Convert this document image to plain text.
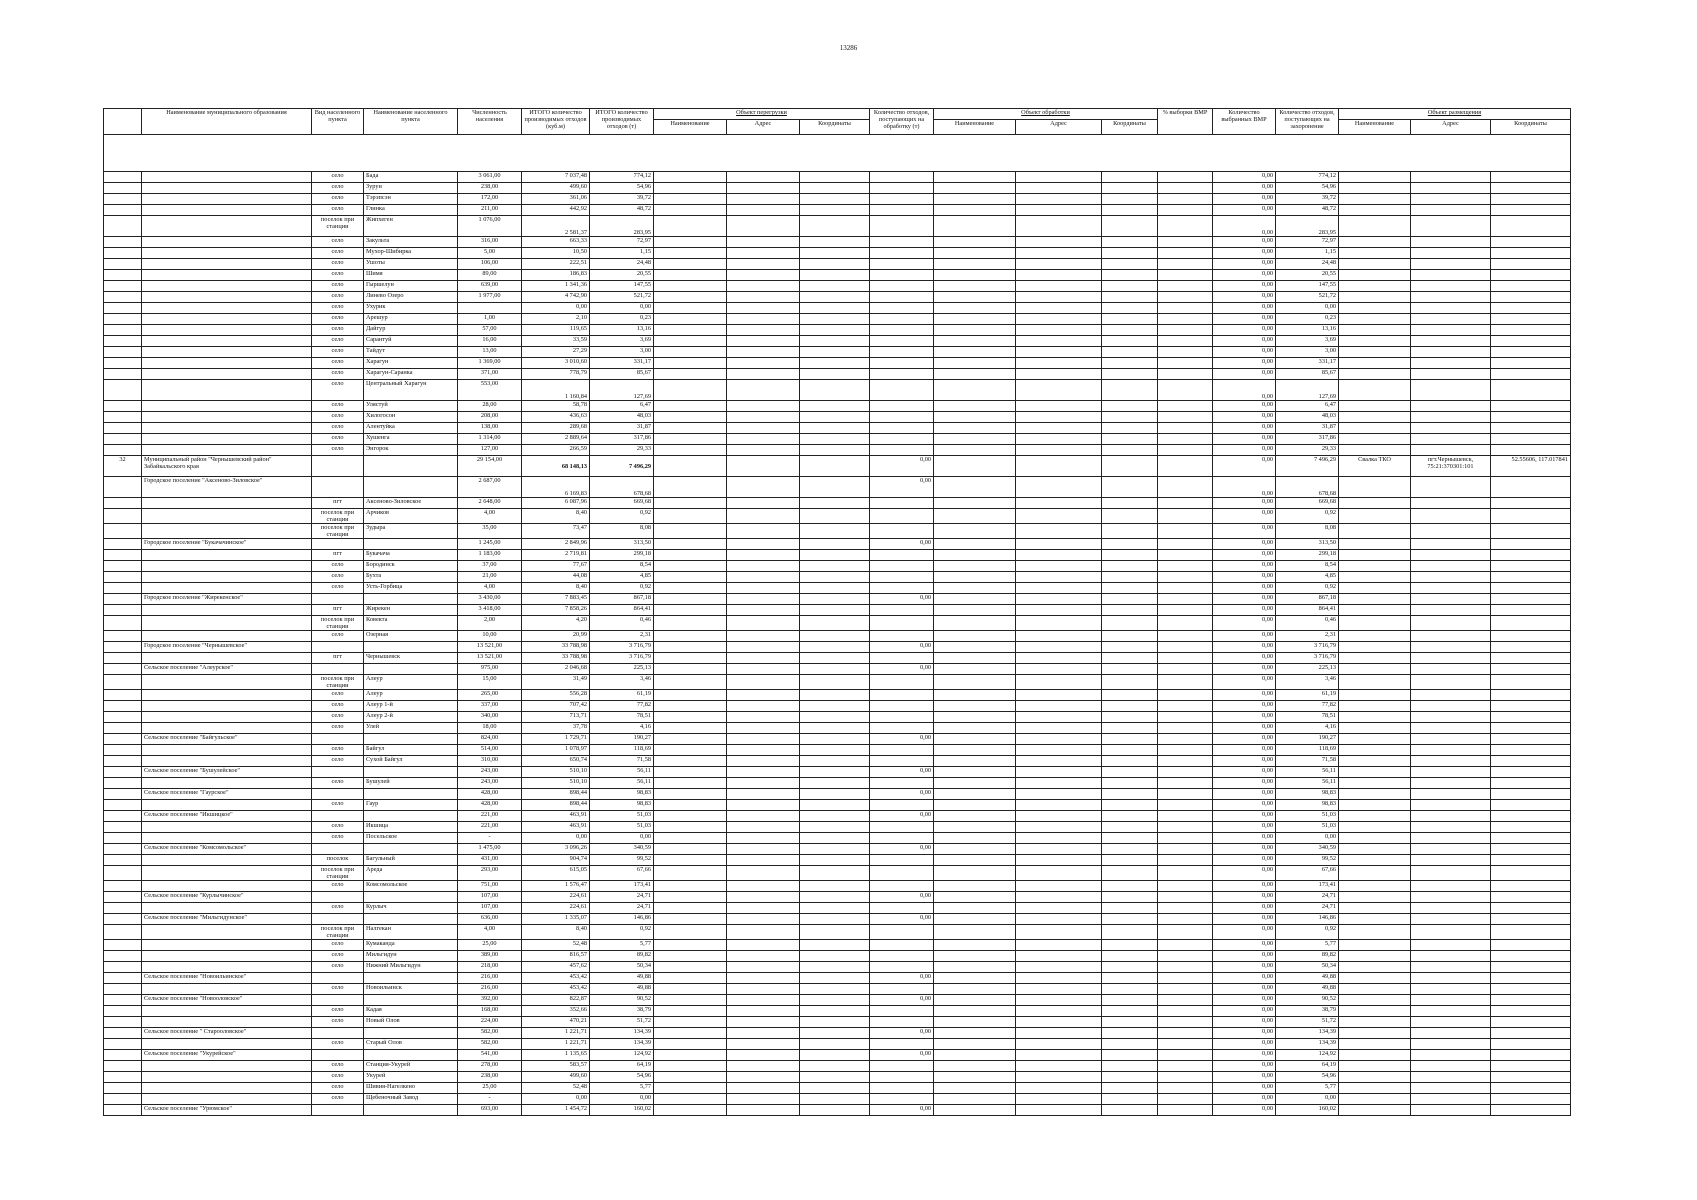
13286
	Наименование муниципального образования	Вид населенного пункта	Наименование населенного пункта	Численность населения	ИТОГО количество производимых отходов (куб.м)	ИТОГО количество производимых отходов (т)	Объект перегрузки			Количество отходов, поступающих на обработку (т)	Объект обработки			% выборки ВМР	Количество выбранных ВМР	Количество отходов, поступающих на захоронение	Объект размещения		
							Наименование	Адрес	Координаты		Наименование	Адрес	Координаты				Наименование	Адрес	Координаты

		село	Бада	3 061,00	7 037,48	774,12									0,00	774,12			
		село	Зурун	238,00	499,60	54,96									0,00	54,96			
		село	Тэрэпсэн	172,00	361,06	39,72									0,00	39,72			
		село	Глинка	211,00	442,92	48,72									0,00	48,72			
		поселок при станции	Жипхеген	1 076,00	2 581,37	283,95									0,00	283,95			
		село	Закульта	316,00	663,33	72,97									0,00	72,97			
		село	Мухор-Шибирка	5,00	10,50	1,15									0,00	1,15			
		село	Ушоты	106,00	222,51	24,48									0,00	24,48			
		село	Шимя	89,00	186,83	20,55									0,00	20,55			
		село	Гыршелун	639,00	1 341,36	147,55									0,00	147,55			
		село	Линево Озеро	1 977,00	4 742,90	521,72									0,00	521,72			
		село	Ухурик		0,00	0,00									0,00	0,00			
		село	Арешур	1,00	2,10	0,23									0,00	0,23			
		село	Дайгур	57,00	119,65	13,16									0,00	13,16			
		село	Сарантуй	16,00	33,59	3,69									0,00	3,69			
		село	Тайдут	13,00	27,29	3,00									0,00	3,00			
		село	Харагун	1 369,00	3 010,60	331,17									0,00	331,17			
		село	Харагун-Саранка	371,00	778,79	85,67									0,00	85,67			
		село	Центральный Харагун	553,00	1 160,84	127,69									0,00	127,69			
		село	Улястуй	28,00	58,78	6,47									0,00	6,47			
		село	Хилогосон	208,00	436,63	48,03									0,00	48,03			
		село	Алентуйка	138,00	289,68	31,87									0,00	31,87			
		село	Хушенга	1 314,00	2 889,64	317,86									0,00	317,86			
		село	Энгорок	127,00	266,59	29,33									0,00	29,33			
32	Муниципальный район "Чернышевский район" Забайкальского края			29 154,00	68 148,13	7 496,29				0,00					0,00	7 496,29	Свалка ТКО	пгт.Чернышевск, 75:21:370301:101	52.55606, 117.017841
	Городское поселение "Аксеново-Зиловское"			2 687,00	6 169,83	678,68				0,00					0,00	678,68			
		пгт	Аксеново-Зиловское	2 648,00	6 087,96	669,68									0,00	669,68			
		поселок при станции	Арчиков	4,00	8,40	0,92									0,00	0,92			
		поселок при станции	Зудыра	35,00	73,47	8,08									0,00	8,08			
	Городское поселение "Букачачинское"			1 245,00	2 849,96	313,50				0,00					0,00	313,50			
		пгт	Букачача	1 183,00	2 719,81	299,18									0,00	299,18			
		село	Бородинск	37,00	77,67	8,54									0,00	8,54			
		село	Бухта	21,00	44,08	4,85									0,00	4,85			
		село	Усть-Горбица	4,00	8,40	0,92									0,00	0,92			
	Городское поселение "Жирекенское"			3 430,00	7 883,45	867,18				0,00					0,00	867,18			
		пгт	Жирекен	3 418,00	7 858,26	864,41									0,00	864,41			
		поселок при станции	Ковекта	2,00	4,20	0,46									0,00	0,46			
		село	Озерная	10,00	20,99	2,31									0,00	2,31			
	Городское поселение "Чернышевское"			13 521,00	33 788,98	3 716,79				0,00					0,00	3 716,79			
		пгт	Чернышевск	13 521,00	33 788,98	3 716,79									0,00	3 716,79			
	Сельское поселение "Алеурское"			975,00	2 046,68	225,13				0,00					0,00	225,13			
		поселок при станции	Алеур	15,00	31,49	3,46									0,00	3,46			
		село	Алеур	265,00	556,28	61,19									0,00	61,19			
		село	Алеур 1-й	337,00	707,42	77,82									0,00	77,82			
		село	Алеур 2-й	340,00	713,71	78,51									0,00	78,51			
		село	Улей	18,00	37,78	4,16									0,00	4,16			
	Сельское поселение "Байгульское"			824,00	1 729,71	190,27				0,00					0,00	190,27			
		село	Байгул	514,00	1 078,97	118,69									0,00	118,69			
		село	Сухой Байгул	310,00	650,74	71,58									0,00	71,58			
	Сельское поселение "Бушулейское"			243,00	510,10	56,11				0,00					0,00	56,11			
		село	Бушулей	243,00	510,10	56,11									0,00	56,11			
	Сельское поселение "Гаурское"			428,00	898,44	98,83				0,00					0,00	98,83			
		село	Гаур	428,00	898,44	98,83									0,00	98,83			
	Сельское поселение "Икшицкое"			221,00	463,91	51,03				0,00					0,00	51,03			
		село	Икшица	221,00	463,91	51,03									0,00	51,03			
		село	Посельское	-	0,00	0,00									0,00	0,00			
	Сельское поселение "Комсомольское"			1 475,00	3 096,26	340,59				0,00					0,00	340,59			
		поселок	Багульный	431,00	904,74	99,52									0,00	99,52			
		поселок при станции	Ареда	293,00	615,05	67,66									0,00	67,66			
		село	Комсомольское	751,00	1 576,47	173,41									0,00	173,41			
	Сельское поселение "Курлычинское"			107,00	224,61	24,71				0,00					0,00	24,71			
		село	Курлыч	107,00	224,61	24,71									0,00	24,71			
	Сельское поселение "Мильгидунское"			636,00	1 335,07	146,86				0,00					0,00	146,86			
		поселок при станции	Налгекан	4,00	8,40	0,92									0,00	0,92			
		село	Кумаканда	25,00	52,48	5,77									0,00	5,77			
		село	Мильгидун	389,00	816,57	89,82									0,00	89,82			
		село	Нижний Мильгидун	218,00	457,62	50,34									0,00	50,34			
	Сельское поселение "Новоильинское"			216,00	453,42	49,88				0,00					0,00	49,88			
		село	Новоильинск	216,00	453,42	49,88									0,00	49,88			
	Сельское поселение "Новооловское"			392,00	822,87	90,52				0,00					0,00	90,52			
		село	Кадая	168,00	352,66	38,79									0,00	38,79			
		село	Новый Олов	224,00	470,21	51,72									0,00	51,72			
	Сельское поселение " Старооловское"			582,00	1 221,71	134,39				0,00					0,00	134,39			
		село	Старый Олов	582,00	1 221,71	134,39									0,00	134,39			
	Сельское поселение "Укурейское"			541,00	1 135,65	124,92				0,00					0,00	124,92			
		село	Станция-Укурей	278,00	583,57	64,19									0,00	64,19			
		село	Укурей	238,00	499,60	54,96									0,00	54,96			
		село	Шивия-Нагелкено	25,00	52,48	5,77									0,00	5,77			
		село	Щебеночный Завод	-	0,00	0,00									0,00	0,00			
	Сельское поселение "Урюмское"			693,00	1 454,72	160,02				0,00					0,00	160,02			
